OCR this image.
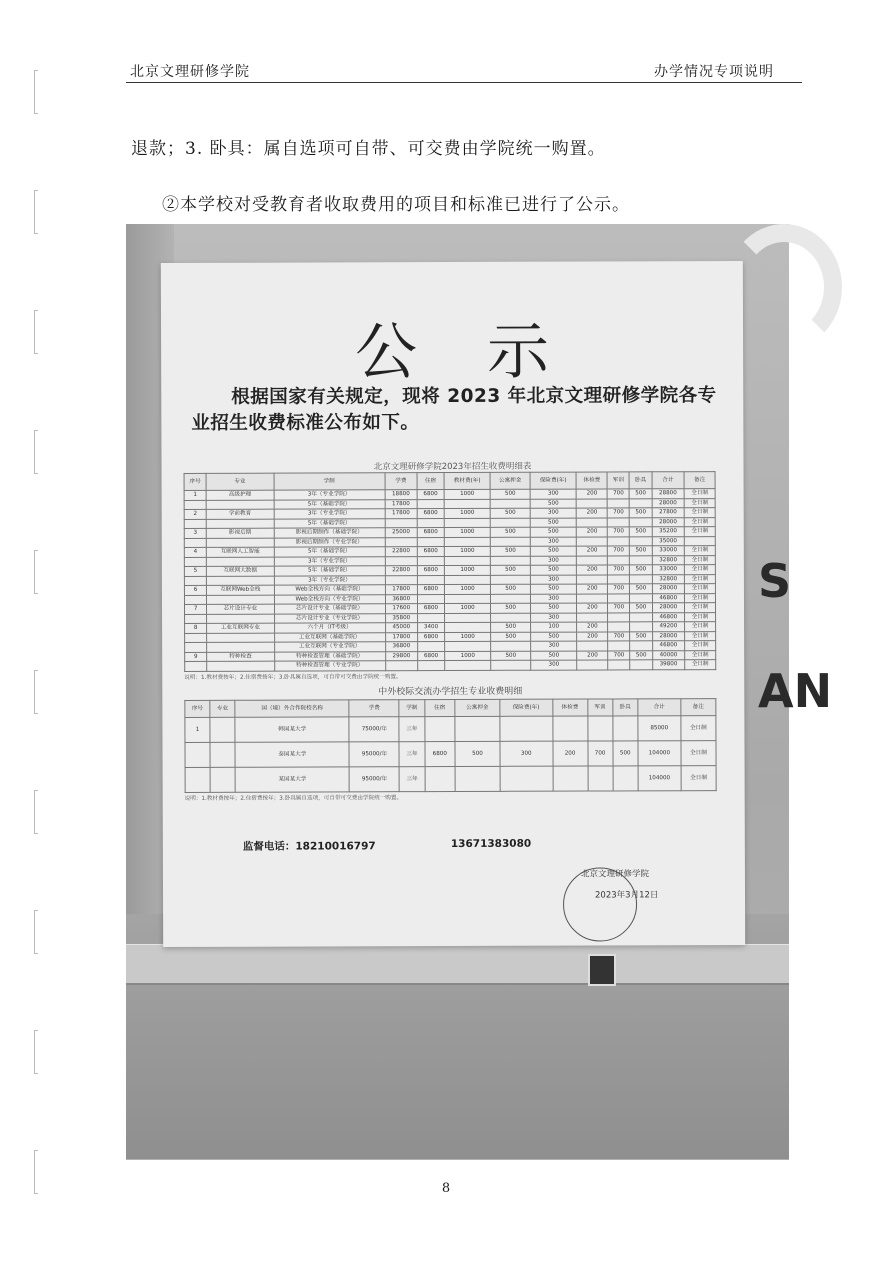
北京文理研修学院	办学情况专项说明
退款；3. 卧具：属自选项可自带、可交费由学院统一购置。
②本学校对受教育者收取费用的项目和标准已进行了公示。
S

AN
公示
根据国家有关规定，现将 2023 年北京文理研修学院各专业招生收费标准公布如下。
北京文理研修学院2023年招生收费明细表
序号	专业	学制	学费	住宿	教材费(年)	公寓押金	保险费(年)	体检费	军训	卧具	合计	备注
1	高级护理	3年（专业学院）	18800	6800	1000	500	300	200	700	500	28800	全日制
		5年（基础学院）	17800				500				28000	全日制
2	学前教育	3年（专业学院）	17800	6800	1000	500	300	200	700	500	27800	全日制
		5年（基础学院）					500				28000	全日制
3	影视后期	影视后期制作（基础学院）	25000	6800	1000	500	500	200	700	500	35200	全日制
		影视后期制作（专业学院）					300				35000	
4	互联网人工智能	5年（基础学院）	22800	6800	1000	500	500	200	700	500	33000	全日制
		3年（专业学院）					300				32800	全日制
5	互联网大数据	5年（基础学院）	22800	6800	1000	500	500	200	700	500	33000	全日制
		3年（专业学院）					300				32800	全日制
6	互联网Web全栈	Web全栈方向（基础学院）	17800	6800	1000	500	500	200	700	500	28000	全日制
		Web全栈方向（专业学院）	36800				300				46800	全日制
7	芯片设计专业	芯片设计专业（基础学院）	17600	6800	1000	500	500	200	700	500	28000	全日制
		芯片设计专业（专业学院）	35800				300				46800	全日制
8	工业互联网专业	六个月（IT考级）	45000	3400		500	100	200			49200	全日制
		工业互联网（基础学院）	17800	6800	1000	500	500	200	700	500	28000	全日制
		工业互联网（专业学院）	36800				300				46800	全日制
9	特种检查	特种检查管理（基础学院）	29800	6800	1000	500	500	200	700	500	40000	全日制
		特种检查管理（专业学院）					300				39800	全日制
说明：1.教材费按年；2.住宿费按年；3.卧具属自选项，可自带可交费由学院统一购置。
中外校际交流办学招生专业收费明细
序号	专业	国（境）外合作院校名称	学费	学制	住宿	公寓押金	保险费(年)	体检费	军训	卧具	合计	备注
1		韩国某大学	75000/年	三年							85000	全日制
		泰国某大学	95000/年	三年	6800	500	300	200	700	500	104000	全日制
		某国某大学	95000/年	三年							104000	全日制
说明：1.教材费按年；2.住宿费按年；3.卧具属自选项，可自带可交费由学院统一购置。
监督电话：18210016797	13671383080
北京文理研修学院
2023年3月12日
8
